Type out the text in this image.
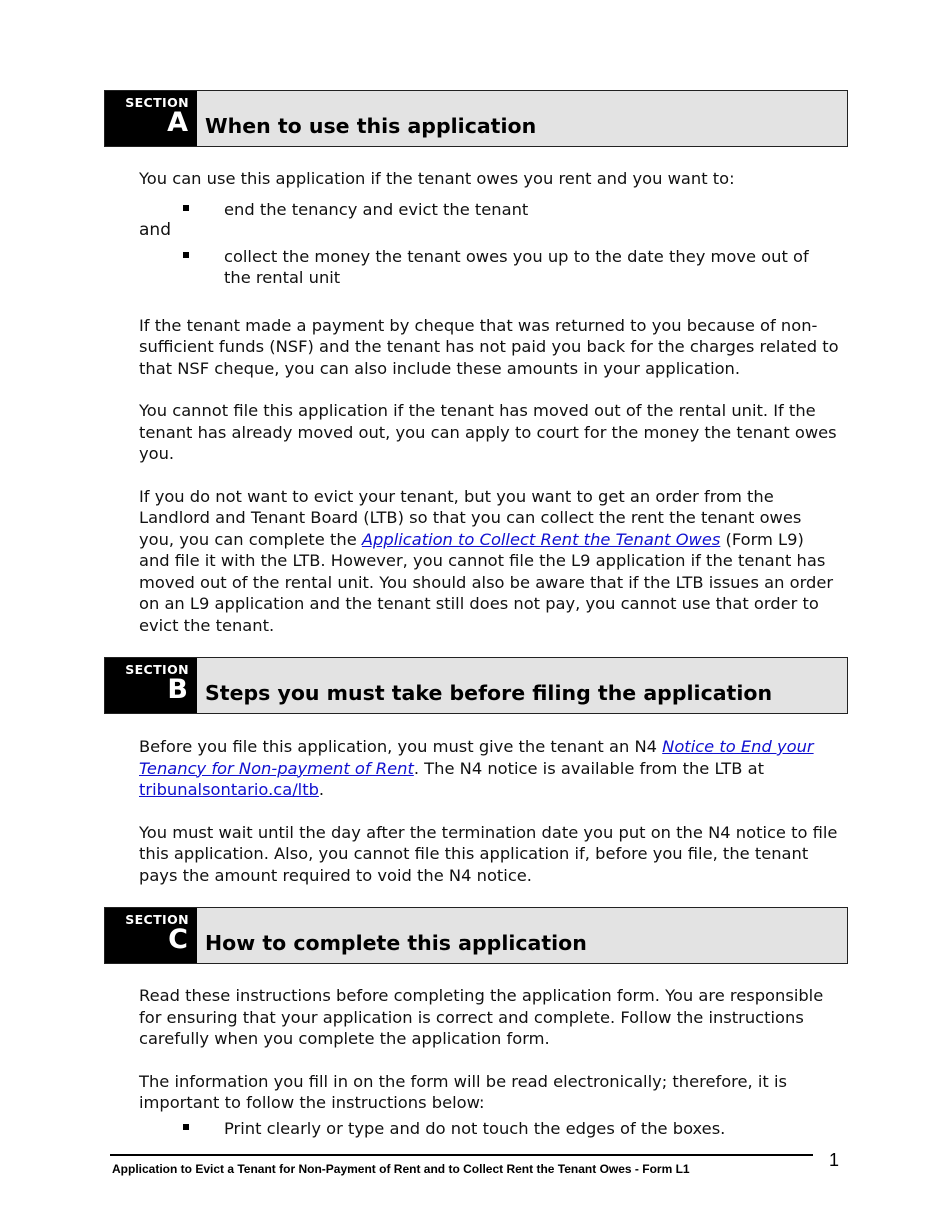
SECTION
A When to use this application

You can use this application if the tenant owes you rent and you want to:

end the tenancy and evict the tenant

and

collect the money the tenant owes you up to the date they move out of the rental unit

If the tenant made a payment by cheque that was returned to you because of non-sufficient funds (NSF) and the tenant has not paid you back for the charges related to that NSF cheque, you can also include these amounts in your application.

You cannot file this application if the tenant has moved out of the rental unit. If the tenant has already moved out, you can apply to court for the money the tenant owes you.

If you do not want to evict your tenant, but you want to get an order from the Landlord and Tenant Board (LTB) so that you can collect the rent the tenant owes you, you can complete the Application to Collect Rent the Tenant Owes (Form L9) and file it with the LTB. However, you cannot file the L9 application if the tenant has moved out of the rental unit. You should also be aware that if the LTB issues an order on an L9 application and the tenant still does not pay, you cannot use that order to evict the tenant.

SECTION
B Steps you must take before filing the application

Before you file this application, you must give the tenant an N4 Notice to End your Tenancy for Non-payment of Rent. The N4 notice is available from the LTB at tribunalsontario.ca/ltb.

You must wait until the day after the termination date you put on the N4 notice to file this application. Also, you cannot file this application if, before you file, the tenant pays the amount required to void the N4 notice.

SECTION
C How to complete this application

Read these instructions before completing the application form. You are responsible for ensuring that your application is correct and complete. Follow the instructions carefully when you complete the application form.

The information you fill in on the form will be read electronically; therefore, it is important to follow the instructions below:

Print clearly or type and do not touch the edges of the boxes.
Application to Evict a Tenant for Non-Payment of Rent and to Collect Rent the Tenant Owes - Form L1	1
